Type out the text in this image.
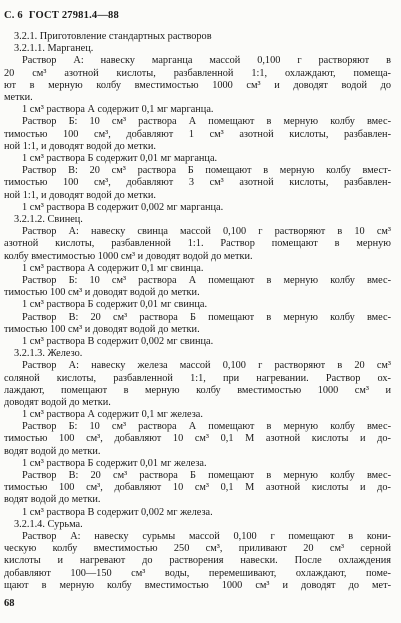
С. 6 ГОСТ 27981.4—88
3.2.1. Приготовление стандартных растворов
3.2.1.1. Марганец.
Раствор А: навеску марганца массой 0,100 г растворяют в
20 см³ азотной кислоты, разбавленной 1:1, охлаждают, помеща-
ют в мерную колбу вместимостью 1000 см³ и доводят водой до
метки.
1 см³ раствора А содержит 0,1 мг марганца.
Раствор Б: 10 см³ раствора А помещают в мерную колбу вмес-
тимостью 100 см³, добавляют 1 см³ азотной кислоты, разбавлен-
ной 1:1, и доводят водой до метки.
1 см³ раствора Б содержит 0,01 мг марганца.
Раствор В: 20 см³ раствора Б помещают в мерную колбу вмест-
тимостью 100 см³, добавляют 3 см³ азотной кислоты, разбавлен-
ной 1:1, и доводят водой до метки.
1 см³ раствора В содержит 0,002 мг марганца.
3.2.1.2. Свинец.
Раствор А: навеску свинца массой 0,100 г растворяют в 10 см³
азотной кислоты, разбавленной 1:1. Раствор помещают в мерную
колбу вместимостью 1000 см³ и доводят водой до метки.
1 см³ раствора А содержит 0,1 мг свинца.
Раствор Б: 10 см³ раствора А помещают в мерную колбу вмес-
тимостью 100 см³ и доводят водой до метки.
1 см³ раствора Б содержит 0,01 мг свинца.
Раствор В: 20 см³ раствора Б помещают в мерную колбу вмес-
тимостью 100 см³ и доводят водой до метки.
1 см³ раствора В содержит 0,002 мг свинца.
3.2.1.3. Железо.
Раствор А: навеску железа массой 0,100 г растворяют в 20 см³
соляной кислоты, разбавленной 1:1, при нагревании. Раствор ох-
лаждают, помещают в мерную колбу вместимостью 1000 см³ и
доводят водой до метки.
1 см³ раствора А содержит 0,1 мг железа.
Раствор Б: 10 см³ раствора А помещают в мерную колбу вмес-
тимостью 100 см³, добавляют 10 см³ 0,1 М азотной кислоты и до-
водят водой до метки.
1 см³ раствора Б содержит 0,01 мг железа.
Раствор В: 20 см³ раствора Б помещают в мерную колбу вмес-
тимостью 100 см³, добавляют 10 см³ 0,1 М азотной кислоты и до-
водят водой до метки.
1 см³ раствора В содержит 0,002 мг железа.
3.2.1.4. Сурьма.
Раствор А: навеску сурьмы массой 0,100 г помещают в кони-
ческую колбу вместимостью 250 см³, приливают 20 см³ серной
кислоты и нагревают до растворения навески. После охлаждения
добавляют 100—150 см³ воды, перемешивают, охлаждают, поме-
щают в мерную колбу вместимостью 1000 см³ и доводят до мет-
68
